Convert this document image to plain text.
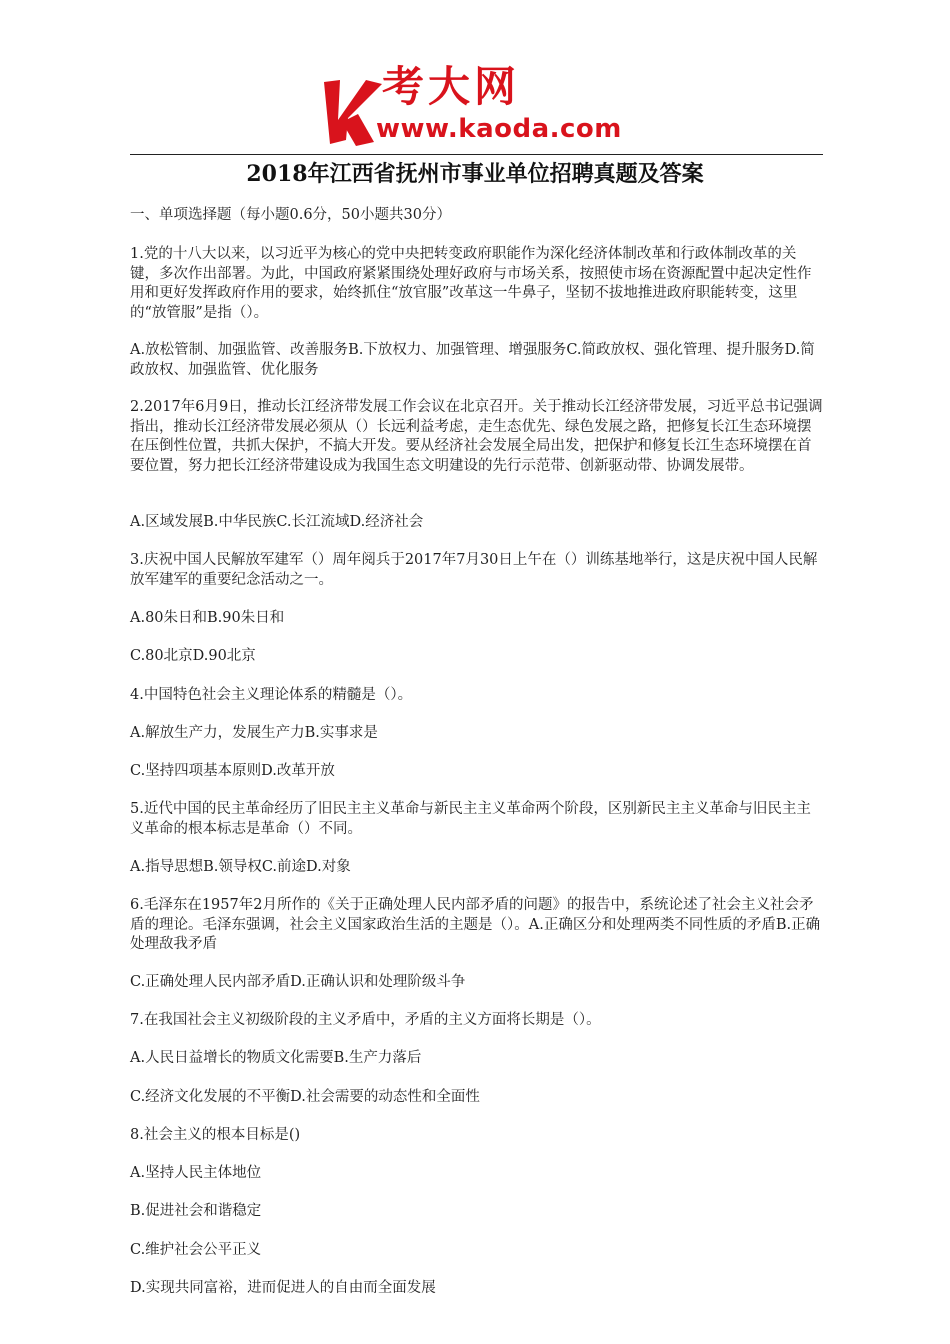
考大网
www.kaoda.com
2018年江西省抚州市事业单位招聘真题及答案
一、单项选择题（每小题0.6分，50小题共30分）
1.党的十八大以来，以习近平为核心的党中央把转变政府职能作为深化经济体制改革和行政体制改革的关键，多次作出部署。为此，中国政府紧紧围绕处理好政府与市场关系，按照使市场在资源配置中起决定性作用和更好发挥政府作用的要求，始终抓住“放官服”改革这一牛鼻子，坚韧不拔地推进政府职能转变，这里的“放管服”是指（）。
A.放松管制、加强监管、改善服务B.下放权力、加强管理、增强服务C.简政放权、强化管理、提升服务D.简政放权、加强监管、优化服务
2.2017年6月9日，推动长江经济带发展工作会议在北京召开。关于推动长江经济带发展，习近平总书记强调指出，推动长江经济带发展必须从（）长远利益考虑，走生态优先、绿色发展之路，把修复长江生态环境摆在压倒性位置，共抓大保护，不搞大开发。要从经济社会发展全局出发，把保护和修复长江生态环境摆在首要位置，努力把长江经济带建设成为我国生态文明建设的先行示范带、创新驱动带、协调发展带。
A.区域发展B.中华民族C.长江流域D.经济社会
3.庆祝中国人民解放军建军（）周年阅兵于2017年7月30日上午在（）训练基地举行，这是庆祝中国人民解放军建军的重要纪念活动之一。
A.80朱日和B.90朱日和
C.80北京D.90北京
4.中国特色社会主义理论体系的精髓是（）。
A.解放生产力，发展生产力B.实事求是
C.坚持四项基本原则D.改革开放
5.近代中国的民主革命经历了旧民主主义革命与新民主主义革命两个阶段，区别新民主主义革命与旧民主主义革命的根本标志是革命（）不同。
A.指导思想B.领导权C.前途D.对象
6.毛泽东在1957年2月所作的《关于正确处理人民内部矛盾的问题》的报告中，系统论述了社会主义社会矛盾的理论。毛泽东强调，社会主义国家政治生活的主题是（）。A.正确区分和处理两类不同性质的矛盾B.正确处理敌我矛盾
C.正确处理人民内部矛盾D.正确认识和处理阶级斗争
7.在我国社会主义初级阶段的主义矛盾中，矛盾的主义方面将长期是（）。
A.人民日益增长的物质文化需要B.生产力落后
C.经济文化发展的不平衡D.社会需要的动态性和全面性
8.社会主义的根本目标是()
A.坚持人民主体地位
B.促进社会和谐稳定
C.维护社会公平正义
D.实现共同富裕，进而促进人的自由而全面发展
